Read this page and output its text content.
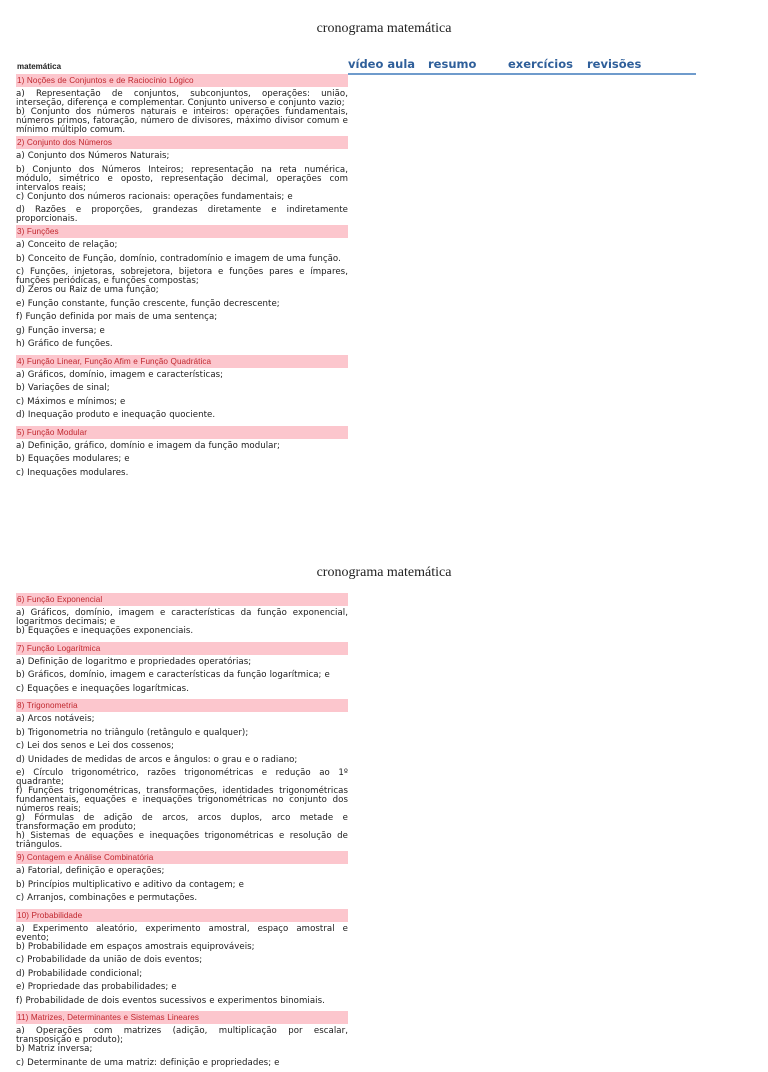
cronograma matemática
matemática	vídeo aula resumo	exercícios revisões
1) Noções de Conjuntos e de Raciocínio Lógico
a) Representação de conjuntos, subconjuntos, operações: união, interseção, diferença e complementar. Conjunto universo e conjunto vazio;
b) Conjunto dos números naturais e inteiros: operações fundamentais, números primos, fatoração, número de divisores, máximo divisor comum e mínimo múltiplo comum.
2) Conjunto dos Números
a) Conjunto dos Números Naturais;
b) Conjunto dos Números Inteiros; representação na reta numérica, módulo, simétrico e oposto, representação decimal, operações com intervalos reais;
c) Conjunto dos números racionais: operações fundamentais; e
d) Razões e proporções, grandezas diretamente e indiretamente proporcionais.
3) Funções
a) Conceito de relação;
b) Conceito de Função, domínio, contradomínio e imagem de uma função.
c) Funções, injetoras, sobrejetora, bijetora e funções pares e ímpares, funções periódicas, e funções compostas;
d) Zeros ou Raiz de uma função;
e) Função constante, função crescente, função decrescente;
f) Função definida por mais de uma sentença;
g) Função inversa; e
h) Gráfico de funções.
4) Função Linear, Função Afim e Função Quadrática
a) Gráficos, domínio, imagem e características;
b) Variações de sinal;
c) Máximos e mínimos; e
d) Inequação produto e inequação quociente.
5) Função Modular
a) Definição, gráfico, domínio e imagem da função modular;
b) Equações modulares; e
c) Inequações modulares.
cronograma matemática
6) Função Exponencial
a) Gráficos, domínio, imagem e características da função exponencial, logaritmos decimais; e
b) Equações e inequações exponenciais.
7) Função Logarítmica
a) Definição de logaritmo e propriedades operatórias;
b) Gráficos, domínio, imagem e características da função logarítmica; e
c) Equações e inequações logarítmicas.
8) Trigonometria
a) Arcos notáveis;
b) Trigonometria no triângulo (retângulo e qualquer);
c) Lei dos senos e Lei dos cossenos;
d) Unidades de medidas de arcos e ângulos: o grau e o radiano;
e) Círculo trigonométrico, razões trigonométricas e redução ao 1º quadrante;
f) Funções trigonométricas, transformações, identidades trigonométricas fundamentais, equações e inequações trigonométricas no conjunto dos números reais;
g) Fórmulas de adição de arcos, arcos duplos, arco metade e transformação em produto;
h) Sistemas de equações e inequações trigonométricas e resolução de triângulos.
9) Contagem e Análise Combinatória
a) Fatorial, definição e operações;
b) Princípios multiplicativo e aditivo da contagem; e
c) Arranjos, combinações e permutações.
10) Probabilidade
a) Experimento aleatório, experimento amostral, espaço amostral e evento;
b) Probabilidade em espaços amostrais equiprováveis;
c) Probabilidade da união de dois eventos;
d) Probabilidade condicional;
e) Propriedade das probabilidades; e
f) Probabilidade de dois eventos sucessivos e experimentos binomiais.
11) Matrizes, Determinantes e Sistemas Lineares
a) Operações com matrizes (adição, multiplicação por escalar, transposição e produto);
b) Matriz inversa;
c) Determinante de uma matriz: definição e propriedades; e
